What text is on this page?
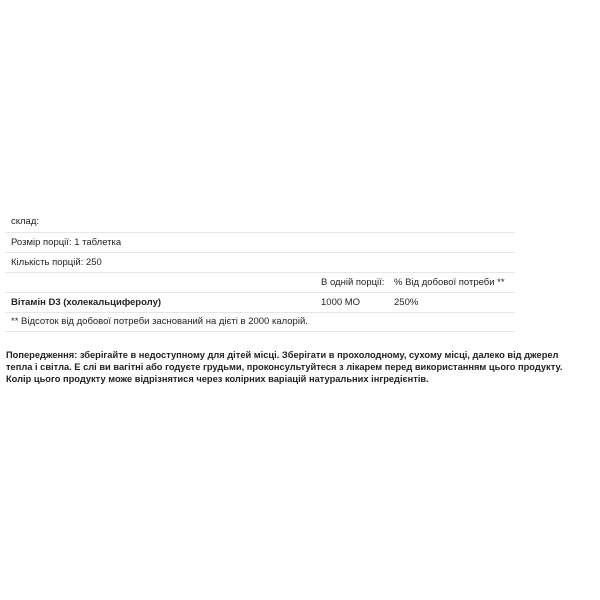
склад:
Розмір порції: 1 таблетка
Кількість порцій: 250
В одній порції: % Від добової потреби **
Вітамін D3 (холекальциферолу)	1000 МО	250%
** Відсоток від добової потреби заснований на дієті в 2000 калорій.

Попередження: зберігайте в недоступному для дітей місці. Зберігати в прохолодному, сухому місці, далеко від джерел

тепла і світла. Е слі ви вагітні або годуєте грудьми, проконсультуйтеся з лікарем перед використанням цього продукту.

Колір цього продукту може відрізнятися через колірних варіацій натуральних інгредієнтів.
